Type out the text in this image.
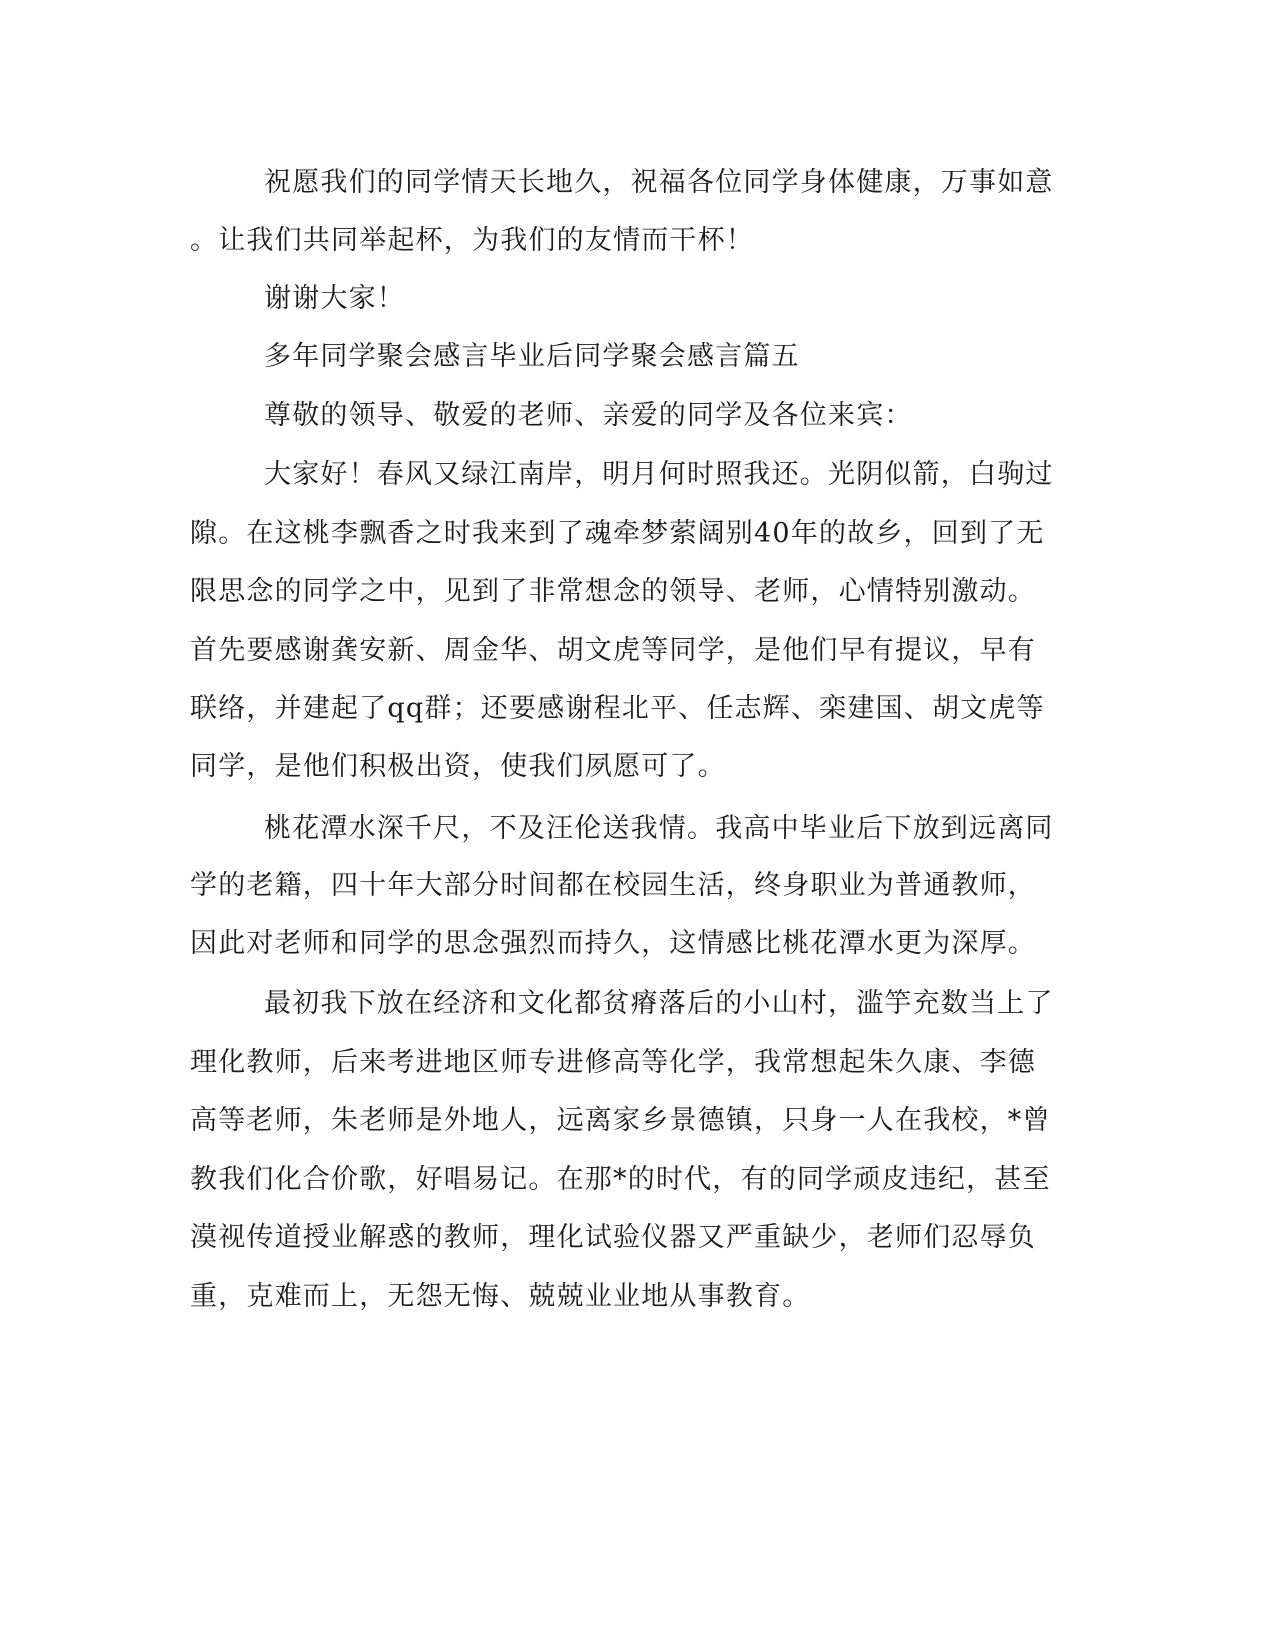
祝愿我们的同学情天长地久，祝福各位同学身体健康，万事如意
。让我们共同举起杯，为我们的友情而干杯！
谢谢大家！
多年同学聚会感言毕业后同学聚会感言篇五
尊敬的领导、敬爱的老师、亲爱的同学及各位来宾：
大家好！春风又绿江南岸，明月何时照我还。光阴似箭，白驹过
隙。在这桃李飘香之时我来到了魂牵梦萦阔别40年的故乡，回到了无
限思念的同学之中，见到了非常想念的领导、老师，心情特别激动。
首先要感谢龚安新、周金华、胡文虎等同学，是他们早有提议，早有
联络，并建起了qq群；还要感谢程北平、任志辉、栾建国、胡文虎等
同学，是他们积极出资，使我们夙愿可了。
桃花潭水深千尺，不及汪伦送我情。我高中毕业后下放到远离同
学的老籍，四十年大部分时间都在校园生活，终身职业为普通教师，
因此对老师和同学的思念强烈而持久，这情感比桃花潭水更为深厚。
最初我下放在经济和文化都贫瘠落后的小山村，滥竽充数当上了
理化教师，后来考进地区师专进修高等化学，我常想起朱久康、李德
高等老师，朱老师是外地人，远离家乡景德镇，只身一人在我校，*曾
教我们化合价歌，好唱易记。在那*的时代，有的同学顽皮违纪，甚至
漠视传道授业解惑的教师，理化试验仪器又严重缺少，老师们忍辱负
重，克难而上，无怨无悔、兢兢业业地从事教育。
